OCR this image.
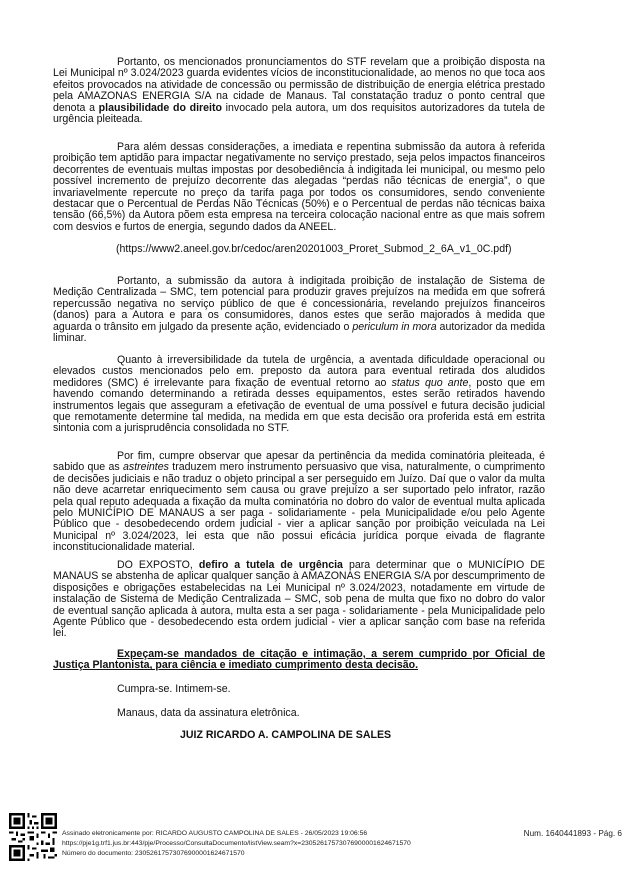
Portanto, os mencionados pronunciamentos do STF revelam que a proibição disposta na Lei Municipal nº 3.024/2023 guarda evidentes vícios de inconstitucionalidade, ao menos no que toca aos efeitos provocados na atividade de concessão ou permissão de distribuição de energia elétrica prestado pela AMAZONAS ENERGIA S/A na cidade de Manaus. Tal constatação traduz o ponto central que denota a plausibilidade do direito invocado pela autora, um dos requisitos autorizadores da tutela de urgência pleiteada.

Para além dessas considerações, a imediata e repentina submissão da autora à referida proibição tem aptidão para impactar negativamente no serviço prestado, seja pelos impactos financeiros decorrentes de eventuais multas impostas por desobediência à indigitada lei municipal, ou mesmo pelo possível incremento de prejuízo decorrente das alegadas “perdas não técnicas de energia”, o que invariavelmente repercute no preço da tarifa paga por todos os consumidores, sendo conveniente destacar que o Percentual de Perdas Não Técnicas (50%) e o Percentual de perdas não técnicas baixa tensão (66,5%) da Autora põem esta empresa na terceira colocação nacional entre as que mais sofrem com desvios e furtos de energia, segundo dados da ANEEL.

(https://www2.aneel.gov.br/cedoc/aren20201003_Proret_Submod_2_6A_v1_0C.pdf)

Portanto, a submissão da autora à indigitada proibição de instalação de Sistema de Medição Centralizada – SMC, tem potencial para produzir graves prejuízos na medida em que sofrerá repercussão negativa no serviço público de que é concessionária, revelando prejuízos financeiros (danos) para a Autora e para os consumidores, danos estes que serão majorados à medida que aguarda o trânsito em julgado da presente ação, evidenciado o periculum in mora autorizador da medida liminar.

Quanto à irreversibilidade da tutela de urgência, a aventada dificuldade operacional ou elevados custos mencionados pelo em. preposto da autora para eventual retirada dos aludidos medidores (SMC) é irrelevante para fixação de eventual retorno ao status quo ante, posto que em havendo comando determinando a retirada desses equipamentos, estes serão retirados havendo instrumentos legais que asseguram a efetivação de eventual de uma possível e futura decisão judicial que remotamente determine tal medida, na medida em que esta decisão ora proferida está em estrita sintonia com a jurisprudência consolidada no STF.

Por fim, cumpre observar que apesar da pertinência da medida cominatória pleiteada, é sabido que as astreintes traduzem mero instrumento persuasivo que visa, naturalmente, o cumprimento de decisões judiciais e não traduz o objeto principal a ser perseguido em Juízo. Daí que o valor da multa não deve acarretar enriquecimento sem causa ou grave prejuízo a ser suportado pelo infrator, razão pela qual reputo adequada a fixação da multa cominatória no dobro do valor de eventual multa aplicada pelo MUNICÍPIO DE MANAUS a ser paga - solidariamente - pela Municipalidade e/ou pelo Agente Público que - desobedecendo ordem judicial - vier a aplicar sanção por proibição veiculada na Lei Municipal nº 3.024/2023, lei esta que não possui eficácia jurídica porque eivada de flagrante inconstitucionalidade material.

DO EXPOSTO, defiro a tutela de urgência para determinar que o MUNICÍPIO DE MANAUS se abstenha de aplicar qualquer sanção à AMAZONAS ENERGIA S/A por descumprimento de disposições e obrigações estabelecidas na Lei Municipal nº 3.024/2023, notadamente em virtude de instalação de Sistema de Medição Centralizada – SMC, sob pena de multa que fixo no dobro do valor de eventual sanção aplicada à autora, multa esta a ser paga - solidariamente - pela Municipalidade pelo Agente Público que - desobedecendo esta ordem judicial - vier a aplicar sanção com base na referida lei.

Expeçam-se mandados de citação e intimação, a serem cumprido por Oficial de Justiça Plantonista, para ciência e imediato cumprimento desta decisão.

Cumpra-se. Intimem-se.

Manaus, data da assinatura eletrônica.

JUIZ RICARDO A. CAMPOLINA DE SALES

Assinado eletronicamente por: RICARDO AUGUSTO CAMPOLINA DE SALES - 26/05/2023 19:06:56

https://pje1g.trf1.jus.br:443/pje/Processo/ConsultaDocumento/listView.seam?x=23052617573076900001624671570

Número do documento: 23052617573076900001624671570

Num. 1640441893 - Pág. 6
